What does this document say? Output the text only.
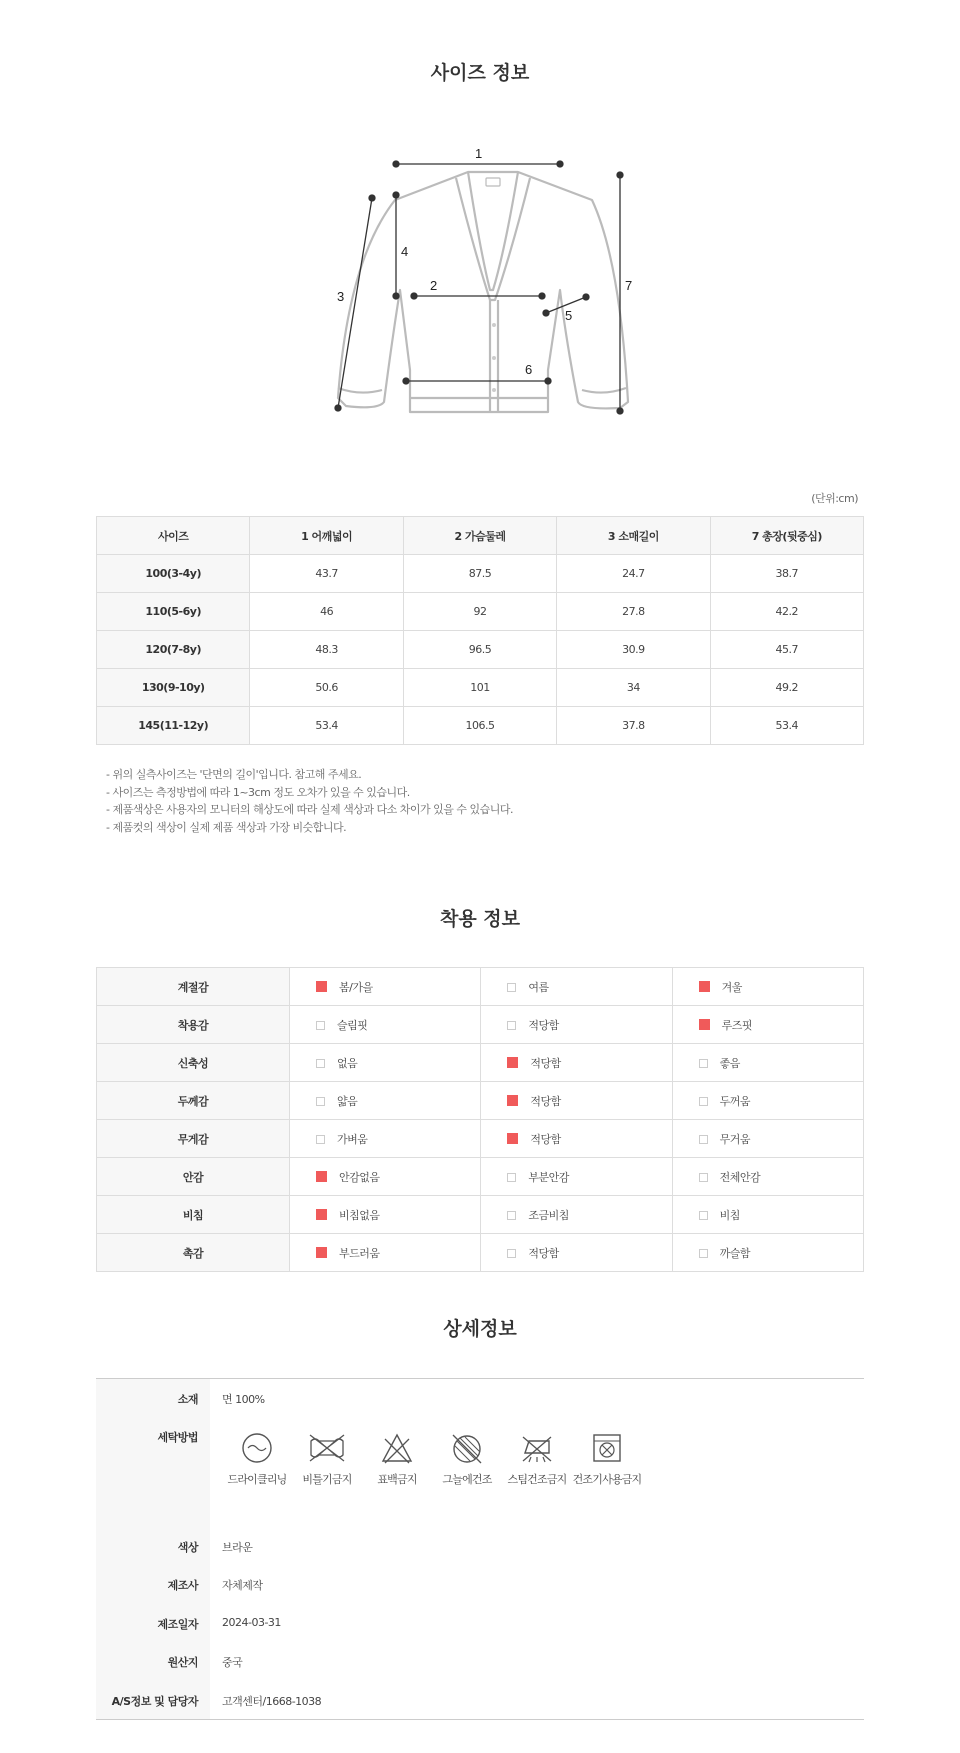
사이즈 정보
1
2
3
4
5
6
7
(단위:cm)
사이즈	1 어깨넓이	2 가슴둘레	3 소매길이	7 총장(뒷중심)
100(3-4y)	43.7	87.5	24.7	38.7
110(5-6y)	46	92	27.8	42.2
120(7-8y)	48.3	96.5	30.9	45.7
130(9-10y)	50.6	101	34	49.2
145(11-12y)	53.4	106.5	37.8	53.4
- 위의 실측사이즈는 '단면의 길이'입니다. 참고해 주세요.
- 사이즈는 측정방법에 따라 1~3cm 정도 오차가 있을 수 있습니다.
- 제품색상은 사용자의 모니터의 해상도에 따라 실제 색상과 다소 차이가 있을 수 있습니다.
- 제품컷의 색상이 실제 제품 색상과 가장 비슷합니다.
착용 정보
계절감	봄/가을	여름	겨울
착용감	슬림핏	적당함	루즈핏
신축성	없음	적당함	좋음
두께감	얇음	적당함	두꺼움
무게감	가벼움	적당함	무거움
안감	안감없음	부분안감	전체안감
비침	비침없음	조금비침	비침
촉감	부드러움	적당함	까슬함
상세정보
소재 면 100%
세탁방법
드라이클리닝	비틀기금지	표백금지	그늘에건조	스팀건조금지 건조기사용금지
색상 브라운
제조사 자체제작
제조일자 2024-03-31
원산지 중국
A/S정보 및 담당자 고객센터/1668-1038
